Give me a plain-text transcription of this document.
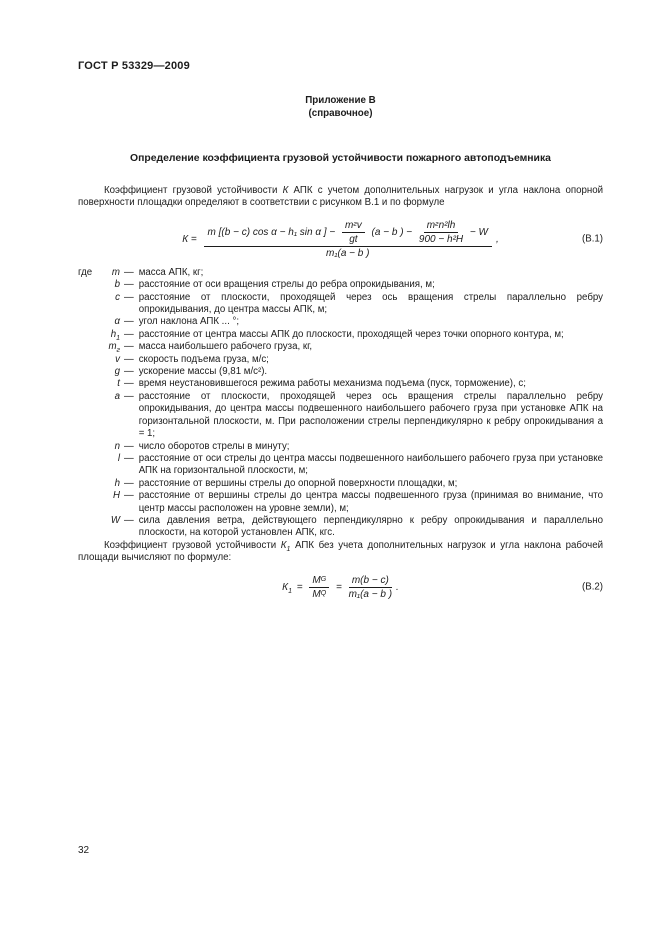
ГОСТ Р 53329—2009
Приложение В
(справочное)
Определение коэффициента грузовой устойчивости пожарного автоподъемника
Коэффициент грузовой устойчивости К АПК с учетом дополнительных нагрузок и угла наклона опорной поверхности площадки определяют в соответствии с рисунком В.1 и по формуле
К =
m [(b − c) cos α − h₁ sin α ] − $\frac{\text{m г v}}{gt} (a - b$ ) − $\frac{\text{m г n²lh}}{\text{900 − h²H}} - W$
m₁(a − b )
,	(В.1)
где	m — масса АПК, кг;
b — расстояние от оси вращения стрелы до ребра опрокидывания, м;
c — расстояние от плоскости, проходящей через ось вращения стрелы параллельно ребру опрокидывания, до центра массы АПК, м;
α — угол наклона АПК ... °;
$h_1$ — расстояние от центра массы АПК до плоскости, проходящей через точки опорного контура, м;
$m_г$ — масса наибольшего рабочего груза, кг,
v — скорость подъема груза, м/с;
g — ускорение массы (9,81 м/с²).
t — время неустановившегося режима работы механизма подъема (пуск, торможение), с;
a — расстояние от плоскости, проходящей через ось вращения стрелы параллельно ребру опрокидывания, до центра массы подвешенного наибольшего рабочего груза при установке АПК на горизонтальной плоскости, м. При расположении стрелы перпендикулярно к ребру опрокидывания a = 1;
n — число оборотов стрелы в минуту;
l — расстояние от оси стрелы до центра массы подвешенного наибольшего рабочего груза при установке АПК на горизонтальной плоскости, м;
h — расстояние от вершины стрелы до опорной поверхности площадки, м;
H — расстояние от вершины стрелы до центра массы подвешенного груза (принимая во внимание, что центр массы расположен на уровне земли), м;
W — сила давления ветра, действующего перпендикулярно к ребру опрокидывания и параллельно плоскости, на которой установлен АПК, кгс.
Коэффициент грузовой устойчивости $К_1$ АПК без учета дополнительных нагрузок и угла наклона рабочей площади вычисляют по формуле:
$К_1 = \frac{\text{M G}}{\text{M Q}} = \frac{m(b - c)}{\text{m₁(a − b )}}$ .	(В.2)
32
